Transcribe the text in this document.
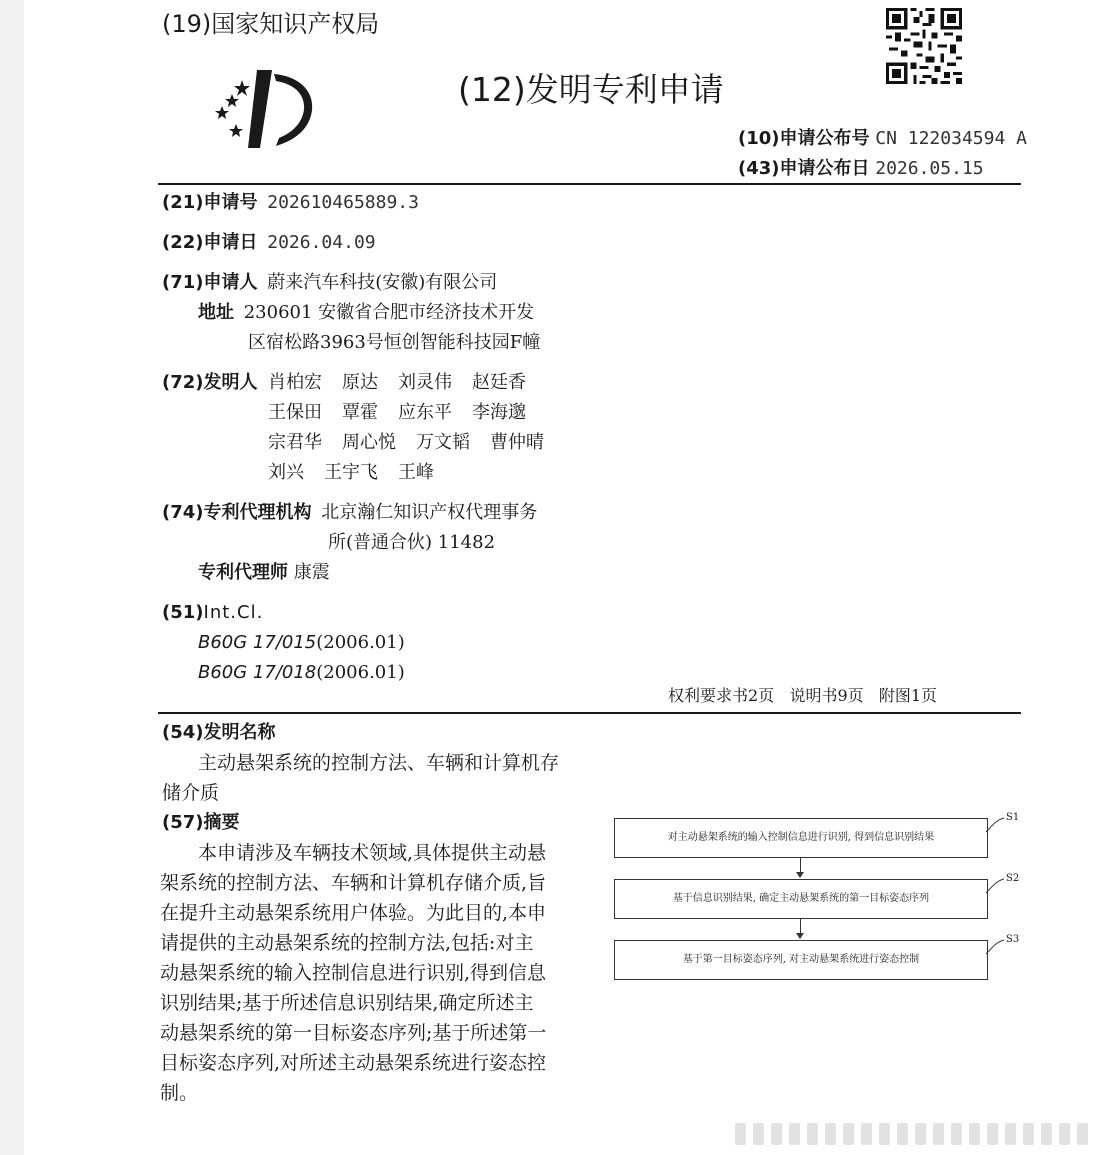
(19)国家知识产权局
(12)发明专利申请
(10)申请公布号 CN 122034594 A
(43)申请公布日 2026.05.15
(21)申请号 202610465889.3
(22)申请日 2026.04.09
(71)申请人 蔚来汽车科技(安徽)有限公司
地址 230601 安徽省合肥市经济技术开发
区宿松路3963号恒创智能科技园F幢
(72)发明人 肖柏宏 原达 刘灵伟 赵廷香
王保田 覃霍 应东平 李海邈
宗君华 周心悦 万文韬 曹仲晴
刘兴 王宇飞 王峰
(74)专利代理机构 北京瀚仁知识产权代理事务
所(普通合伙) 11482
专利代理师 康震
(51)Int.Cl.
B60G 17/015(2006.01)
B60G 17/018(2006.01)
权利要求书2页   说明书9页   附图1页
(54)发明名称
主动悬架系统的控制方法、车辆和计算机存
储介质
(57)摘要

本申请涉及车辆技术领域,具体提供主动悬

架系统的控制方法、车辆和计算机存储介质,旨

在提升主动悬架系统用户体验。为此目的,本申

请提供的主动悬架系统的控制方法,包括:对主

动悬架系统的输入控制信息进行识别,得到信息

识别结果;基于所述信息识别结果,确定所述主

动悬架系统的第一目标姿态序列;基于所述第一

目标姿态序列,对所述主动悬架系统进行姿态控

制。

对主动悬架系统的输入控制信息进行识别, 得到信息识别结果
基于信息识别结果, 确定主动悬架系统的第一目标姿态序列
基于第一目标姿态序列, 对主动悬架系统进行姿态控制
S1
S2
S3
